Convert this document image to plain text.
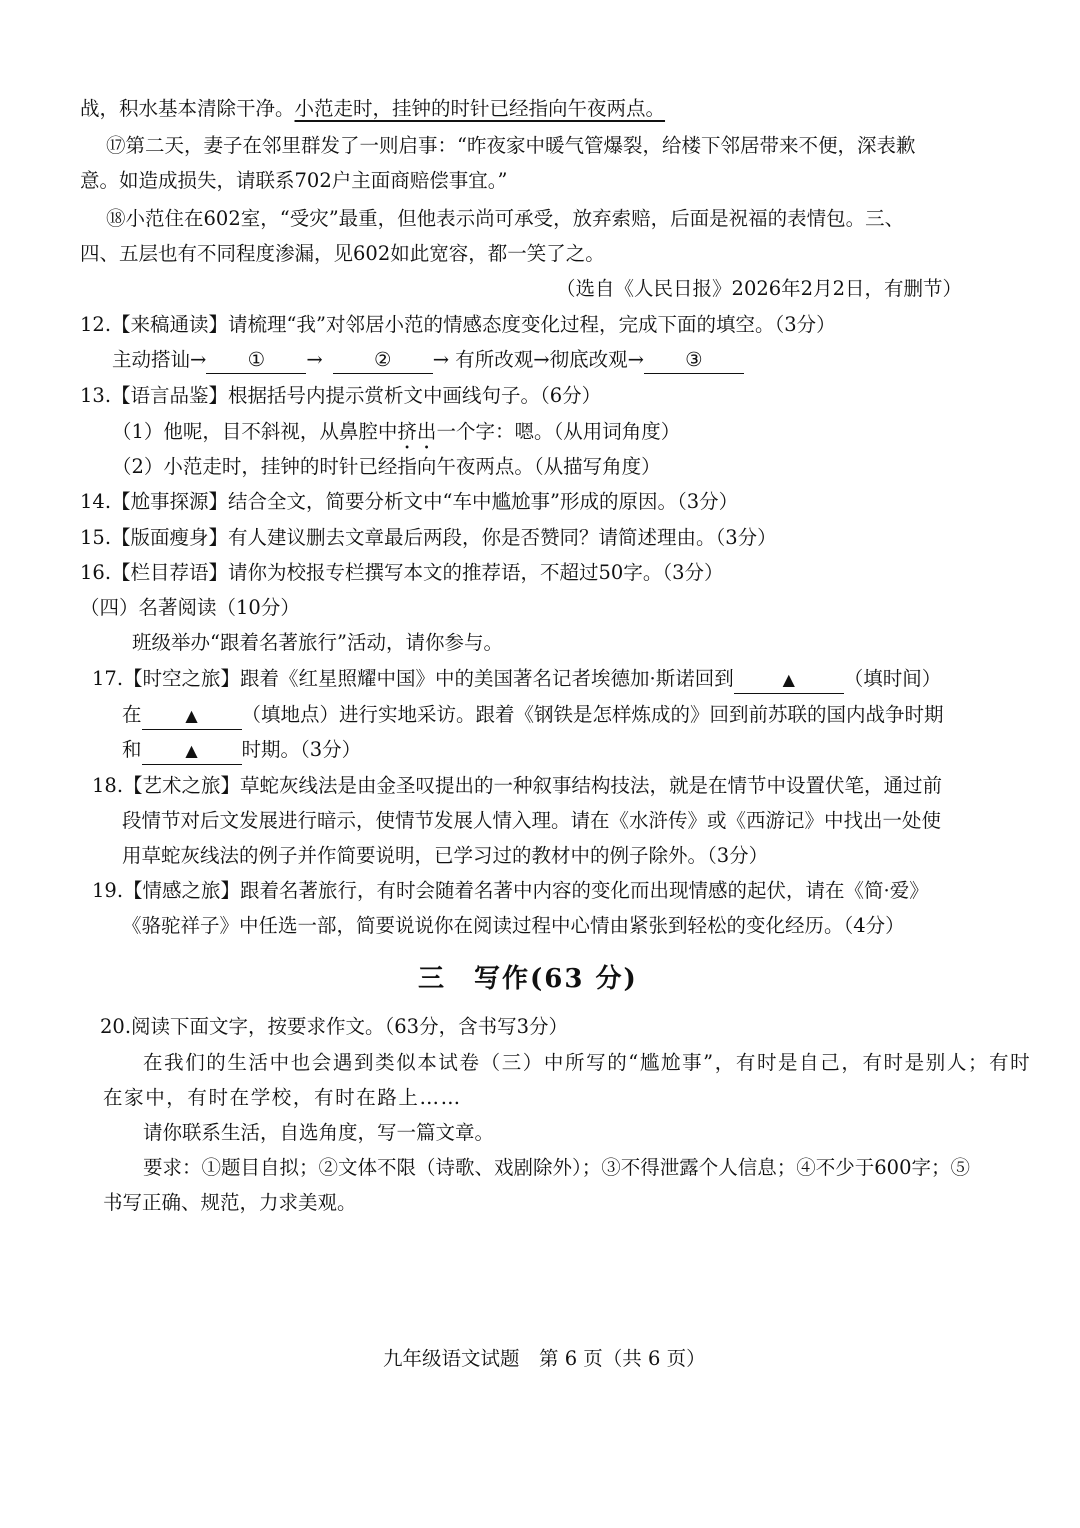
战，积水基本清除干净。小范走时，挂钟的时针已经指向午夜两点。
⑰第二天，妻子在邻里群发了一则启事：“昨夜家中暖气管爆裂，给楼下邻居带来不便，深表歉
意。如造成损失，请联系702户主面商赔偿事宜。”
⑱小范住在602室，“受灾”最重，但他表示尚可承受，放弃索赔，后面是祝福的表情包。三、
四、五层也有不同程度渗漏，见602如此宽容，都一笑了之。
（选自《人民日报》2026年2月2日，有删节）
12.【来稿通读】请梳理“我”对邻居小范的情感态度变化过程，完成下面的填空。（3分）
主动搭讪→ ① →	② → 有所改观→彻底改观→ ③
13.【语言品鉴】根据括号内提示赏析文中画线句子。（6分）
（1）他呢，目不斜视，从鼻腔中挤出一个字：嗯。（从用词角度）
（2）小范走时，挂钟的时针已经指向午夜两点。（从描写角度）
14.【尬事探源】结合全文，简要分析文中“车中尴尬事”形成的原因。（3分）
15.【版面瘦身】有人建议删去文章最后两段，你是否赞同？请简述理由。（3分）
16.【栏目荐语】请你为校报专栏撰写本文的推荐语，不超过50字。（3分）
（四）名著阅读（10分）
班级举办“跟着名著旅行”活动，请你参与。
17.【时空之旅】跟着《红星照耀中国》中的美国著名记者埃德加·斯诺回到	▲	（填时间）
在	▲ （填地点）进行实地采访。跟着《钢铁是怎样炼成的》回到前苏联的国内战争时期
和	▲ 时期。（3分）
18.【艺术之旅】草蛇灰线法是由金圣叹提出的一种叙事结构技法，就是在情节中设置伏笔，通过前
段情节对后文发展进行暗示，使情节发展人情入理。请在《水浒传》或《西游记》中找出一处使
用草蛇灰线法的例子并作简要说明，已学习过的教材中的例子除外。（3分）
19.【情感之旅】跟着名著旅行，有时会随着名著中内容的变化而出现情感的起伏，请在《简·爱》
《骆驼祥子》中任选一部，简要说说你在阅读过程中心情由紧张到轻松的变化经历。（4分）
三　写作(63 分)
20.阅读下面文字，按要求作文。（63分，含书写3分）
在我们的生活中也会遇到类似本试卷（三）中所写的“尴尬事”，有时是自己，有时是别人；有时
在家中，有时在学校，有时在路上……
请你联系生活，自选角度，写一篇文章。
要求：①题目自拟；②文体不限（诗歌、戏剧除外）；③不得泄露个人信息；④不少于600字；⑤
书写正确、规范，力求美观。
九年级语文试题　第 6 页（共 6 页）
